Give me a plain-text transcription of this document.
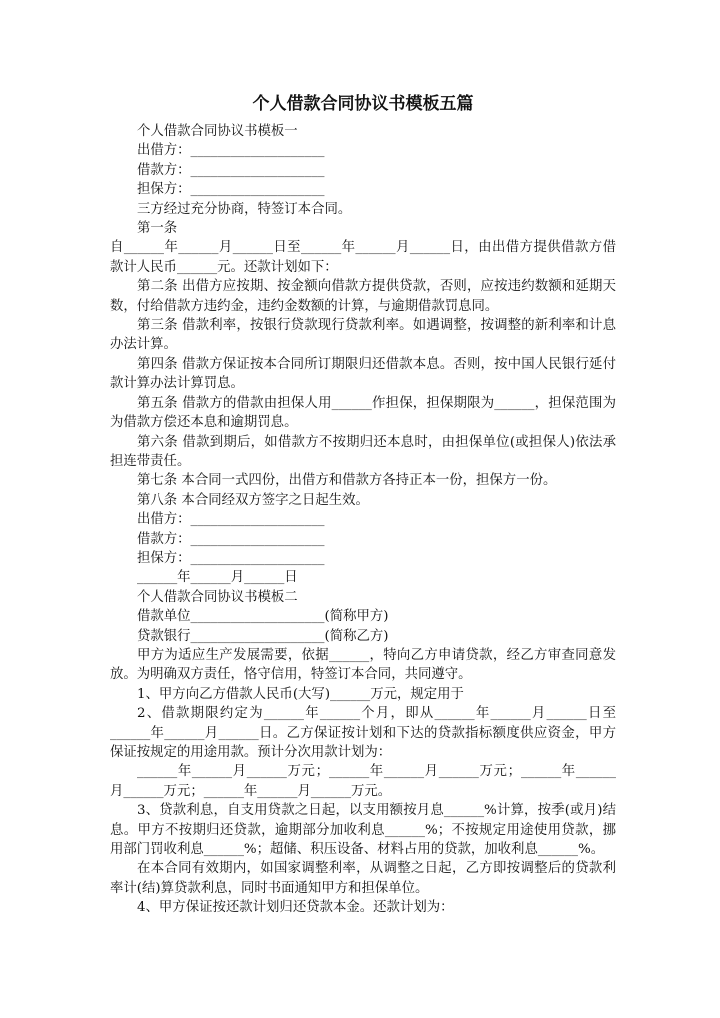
个人借款合同协议书模板五篇

个人借款合同协议书模板一

出借方：____________________

借款方：____________________

担保方：____________________

三方经过充分协商，特签订本合同。

第一条

自______年______月______日至______年______月______日，由出借方提供借款方借款计人民币______元。还款计划如下：

第二条 出借方应按期、按金额向借款方提供贷款，否则，应按违约数额和延期天数，付给借款方违约金，违约金数额的计算，与逾期借款罚息同。

第三条 借款利率，按银行贷款现行贷款利率。如遇调整，按调整的新利率和计息办法计算。

第四条 借款方保证按本合同所订期限归还借款本息。否则，按中国人民银行延付款计算办法计算罚息。

第五条 借款方的借款由担保人用______作担保，担保期限为______，担保范围为为借款方偿还本息和逾期罚息。

第六条 借款到期后，如借款方不按期归还本息时，由担保单位(或担保人)依法承担连带责任。

第七条 本合同一式四份，出借方和借款方各持正本一份，担保方一份。

第八条 本合同经双方签字之日起生效。

出借方：____________________

借款方：____________________

担保方：____________________

______年______月______日

个人借款合同协议书模板二

借款单位____________________(简称甲方)

贷款银行____________________(简称乙方)

甲方为适应生产发展需要，依据______，特向乙方申请贷款，经乙方审查同意发放。为明确双方责任，恪守信用，特签订本合同，共同遵守。

1、甲方向乙方借款人民币(大写)______万元，规定用于

2、借款期限约定为______年______个月，即从______年______月______日至______年______月______日。乙方保证按计划和下达的贷款指标额度供应资金，甲方保证按规定的用途用款。预计分次用款计划为：

______年______月______万元；______年______月______万元；______年______月______万元；______年______月______万元。

3、贷款利息，自支用贷款之日起，以支用额按月息______%计算，按季(或月)结息。甲方不按期归还贷款，逾期部分加收利息______%；不按规定用途使用贷款，挪用部门罚收利息______%；超储、积压设备、材料占用的贷款，加收利息______%。

在本合同有效期内，如国家调整利率，从调整之日起，乙方即按调整后的贷款利率计(结)算贷款利息，同时书面通知甲方和担保单位。

4、甲方保证按还款计划归还贷款本金。还款计划为：
